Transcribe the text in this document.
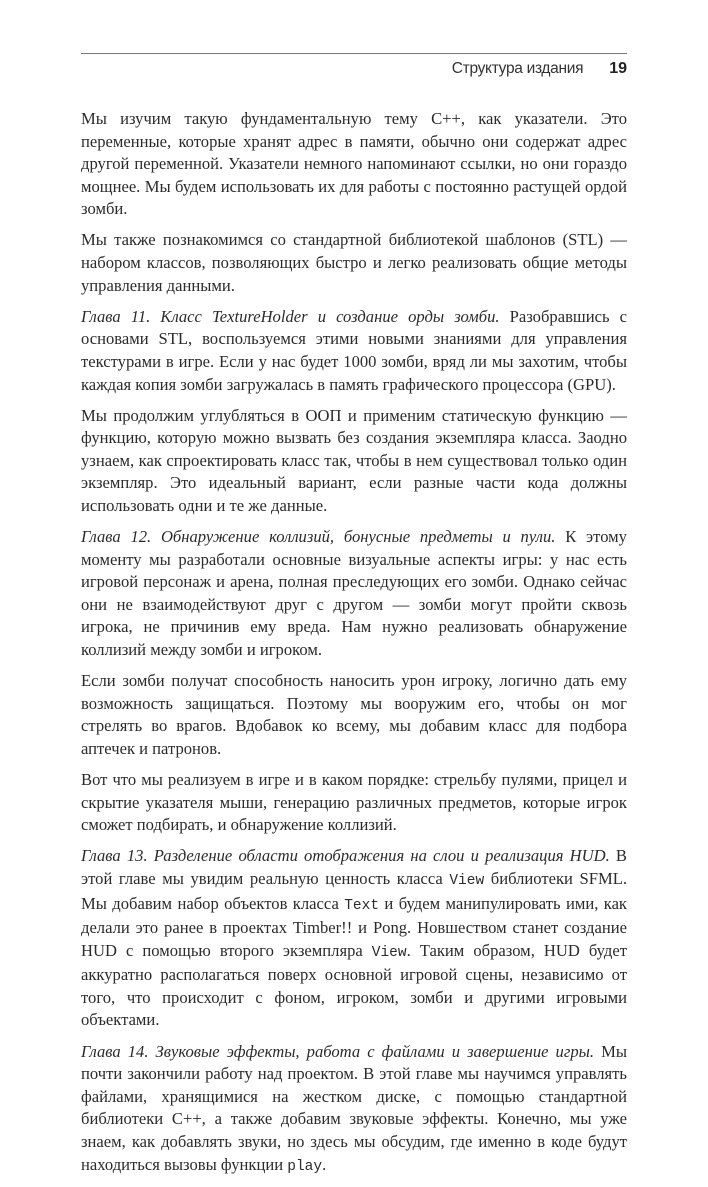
Структура издания 19

Мы изучим такую фундаментальную тему C++, как указатели. Это переменные, которые хранят адрес в памяти, обычно они содержат адрес другой переменной. Указатели немного напоминают ссылки, но они гораздо мощнее. Мы будем использовать их для работы с постоянно растущей ордой зомби.

Мы также познакомимся со стандартной библиотекой шаблонов (STL) — набором классов, позволяющих быстро и легко реализовать общие методы управления данными.

Глава 11. Класс TextureHolder и создание орды зомби. Разобравшись с основами STL, воспользуемся этими новыми знаниями для управления текстурами в игре. Если у нас будет 1000 зомби, вряд ли мы захотим, чтобы каждая копия зомби загружалась в память графического процессора (GPU).

Мы продолжим углубляться в ООП и применим статическую функцию — функцию, которую можно вызвать без создания экземпляра класса. Заодно узнаем, как спроектировать класс так, чтобы в нем существовал только один экземпляр. Это идеальный вариант, если разные части кода должны использовать одни и те же данные.

Глава 12. Обнаружение коллизий, бонусные предметы и пули. К этому моменту мы разработали основные визуальные аспекты игры: у нас есть игровой персонаж и арена, полная преследующих его зомби. Однако сейчас они не взаимодействуют друг с другом — зомби могут пройти сквозь игрока, не причинив ему вреда. Нам нужно реализовать обнаружение коллизий между зомби и игроком.

Если зомби получат способность наносить урон игроку, логично дать ему возможность защищаться. Поэтому мы вооружим его, чтобы он мог стрелять во врагов. Вдобавок ко всему, мы добавим класс для подбора аптечек и патронов.

Вот что мы реализуем в игре и в каком порядке: стрельбу пулями, прицел и скрытие указателя мыши, генерацию различных предметов, которые игрок сможет подбирать, и обнаружение коллизий.

Глава 13. Разделение области отображения на слои и реализация HUD. В этой главе мы увидим реальную ценность класса View библиотеки SFML. Мы добавим набор объектов класса Text и будем манипулировать ими, как делали это ранее в проектах Timber!! и Pong. Новшеством станет создание HUD с помощью второго экземпляра View. Таким образом, HUD будет аккуратно располагаться поверх основной игровой сцены, независимо от того, что происходит с фоном, игроком, зомби и другими игровыми объектами.

Глава 14. Звуковые эффекты, работа с файлами и завершение игры. Мы почти закончили работу над проектом. В этой главе мы научимся управлять файлами, хранящимися на жестком диске, с помощью стандартной библиотеки C++, а также добавим звуковые эффекты. Конечно, мы уже знаем, как добавлять звуки, но здесь мы обсудим, где именно в коде будут находиться вызовы функции play.
